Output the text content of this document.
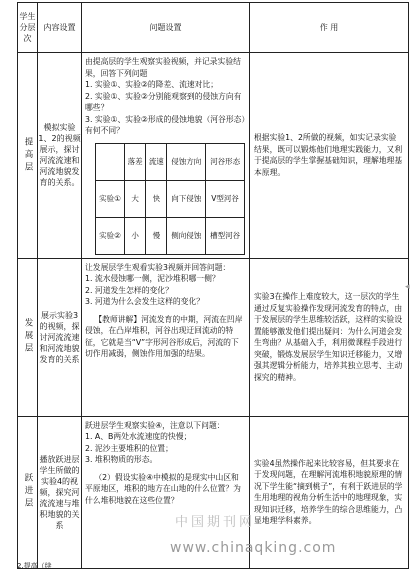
学生分层次	内容设置	问题设置	作 用

提高层
	模拟实验1、2的视频展示，探讨河流流速和河流地貌发育的关系。	

由提高层的学生观察实验视频，并记录实验结果，回答下列问题

1. 实验①、实验②的降差、流速对比；

2. 实验①、实验②分别能观察到的侵蚀方向有哪些？

3. 实验①、实验②形成的侵蚀地貌（河谷形态）有何不同？

	落差	流速	侵蚀方向	河谷形态
实验①	大	快	向下侵蚀	V型河谷
实验②	小	慢	侧向侵蚀	槽型河谷
	根据实验1、2所做的视频，如实记录实验结果，既可以锻炼他们地理实践能力，又利于提高层的学生掌握基础知识，理解地理基本原理。

发展层
	展示实验3的视频，探讨河流流速和河流地貌发育的关系	

让发展层学生观看实验3视频并回答问题：

1. 流水侵蚀哪一侧，泥沙堆积哪一侧？

2. 河道发生怎样的变化？

3. 河道为什么会发生这样的变化？

【教师讲解】河流发育的中期，河流在凹岸侵蚀，在凸岸堆积，河谷出现迂回流动的特征，它就是当“V”字形河谷形成后，河流的下切作用减弱，侧蚀作用加强的结果。

	实验3在操作上难度较大，这一层次的学生通过反复实验操作发现河流发育的特点，由于发展层的学生思维较活跃，这样的实验设置能够激发他们提出疑问：为什么河道会发生弯曲？从基础入手，利用微课程手段进行突破，锻炼发展层学生知识迁移能力，又增强其逻辑分析能力，培养其独立思考、主动探究的精神。

跃进层
	播放跃进层学生所做的实验4的视频，探究河流流速与堆积地貌的关系	

跃进层学生观察实验④，注意以下问题：

1. A、B两处水流速度的快慢；

2. 泥沙主要堆积的位置；

3. 堆积物质的形态。

（2）假设实验④中模拟的是现实中山区和平原地区，堆积的地方在山地的什么位置？为什么堆积地貌在这些位置？

	实验4虽然操作起来比较容易，但其要求在于发现问题，在理解河流堆积地貌原理的情况下学生能“摘到桃子”，有利于跃进层的学生用地理的视角分析生活中的地理现象，实现知识迁移，培养学生的综合思维能力，凸显地理学科素养。
中国期刊网
www.chinaqking.com
2.提高（续
◂
